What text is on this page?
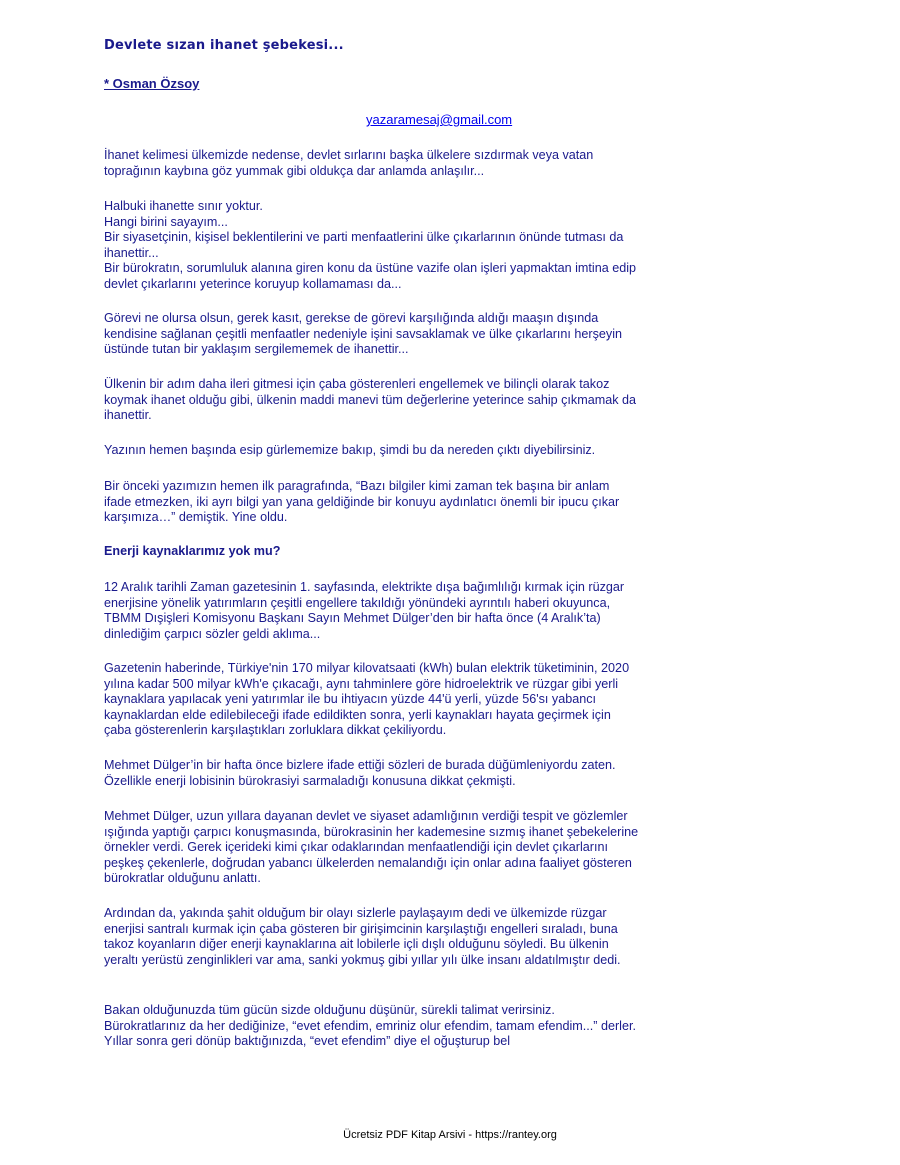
Devlete sızan ihanet şebekesi...
* Osman Özsoy
yazaramesaj@gmail.com

İhanet kelimesi ülkemizde nedense, devlet sırlarını başka ülkelere sızdırmak veya vatan toprağının kaybına göz yummak gibi oldukça dar anlamda anlaşılır...

Halbuki ihanette sınır yoktur.

Hangi birini sayayım...

Bir siyasetçinin, kişisel beklentilerini ve parti menfaatlerini ülke çıkarlarının önünde tutması da ihanettir...

Bir bürokratın, sorumluluk alanına giren konu da üstüne vazife olan işleri yapmaktan imtina edip devlet çıkarlarını yeterince koruyup kollamaması da...

Görevi ne olursa olsun, gerek kasıt, gerekse de görevi karşılığında aldığı maaşın dışında kendisine sağlanan çeşitli menfaatler nedeniyle işini savsaklamak ve ülke çıkarlarını herşeyin üstünde tutan bir yaklaşım sergilememek de ihanettir...

Ülkenin bir adım daha ileri gitmesi için çaba gösterenleri engellemek ve bilinçli olarak takoz koymak ihanet olduğu gibi, ülkenin maddi manevi tüm değerlerine yeterince sahip çıkmamak da ihanettir.

Yazının hemen başında esip gürlememize bakıp, şimdi bu da nereden çıktı diyebilirsiniz.

Bir önceki yazımızın hemen ilk paragrafında, “Bazı bilgiler kimi zaman tek başına bir anlam ifade etmezken, iki ayrı bilgi yan yana geldiğinde bir konuyu aydınlatıcı önemli bir ipucu çıkar karşımıza…” demiştik. Yine oldu.

Enerji kaynaklarımız yok mu?

12 Aralık tarihli Zaman gazetesinin 1. sayfasında, elektrikte dışa bağımlılığı kırmak için rüzgar enerjisine yönelik yatırımların çeşitli engellere takıldığı yönündeki ayrıntılı haberi okuyunca, TBMM Dışişleri Komisyonu Başkanı Sayın Mehmet Dülger’den bir hafta önce (4 Aralık’ta) dinlediğim çarpıcı sözler geldi aklıma...

Gazetenin haberinde, Türkiye'nin 170 milyar kilovatsaati (kWh) bulan elektrik tüketiminin, 2020 yılına kadar 500 milyar kWh'e çıkacağı, aynı tahminlere göre hidroelektrik ve rüzgar gibi yerli kaynaklara yapılacak yeni yatırımlar ile bu ihtiyacın yüzde 44'ü yerli, yüzde 56'sı yabancı kaynaklardan elde edilebileceği ifade edildikten sonra, yerli kaynakları hayata geçirmek için çaba gösterenlerin karşılaştıkları zorluklara dikkat çekiliyordu.

Mehmet Dülger’in bir hafta önce bizlere ifade ettiği sözleri de burada düğümleniyordu zaten. Özellikle enerji lobisinin bürokrasiyi sarmaladığı konusuna dikkat çekmişti.

Mehmet Dülger, uzun yıllara dayanan devlet ve siyaset adamlığının verdiği tespit ve gözlemler ışığında yaptığı çarpıcı konuşmasında, bürokrasinin her kademesine sızmış ihanet şebekelerine örnekler verdi. Gerek içerideki kimi çıkar odaklarından menfaatlendiği için devlet çıkarlarını peşkeş çekenlerle, doğrudan yabancı ülkelerden nemalandığı için onlar adına faaliyet gösteren bürokratlar olduğunu anlattı.

Ardından da, yakında şahit olduğum bir olayı sizlerle paylaşayım dedi ve ülkemizde rüzgar enerjisi santralı kurmak için çaba gösteren bir girişimcinin karşılaştığı engelleri sıraladı, buna takoz koyanların diğer enerji kaynaklarına ait lobilerle içli dışlı olduğunu söyledi. Bu ülkenin yeraltı yerüstü zenginlikleri var ama, sanki yokmuş gibi yıllar yılı ülke insanı aldatılmıştır dedi.

Bakan olduğunuzda tüm gücün sizde olduğunu düşünür, sürekli talimat verirsiniz. Bürokratlarınız da her dediğinize, “evet efendim, emriniz olur efendim, tamam efendim...” derler. Yıllar sonra geri dönüp baktığınızda, “evet efendim” diye el oğuşturup bel

Ücretsiz PDF Kitap Arsivi - https://rantey.org
